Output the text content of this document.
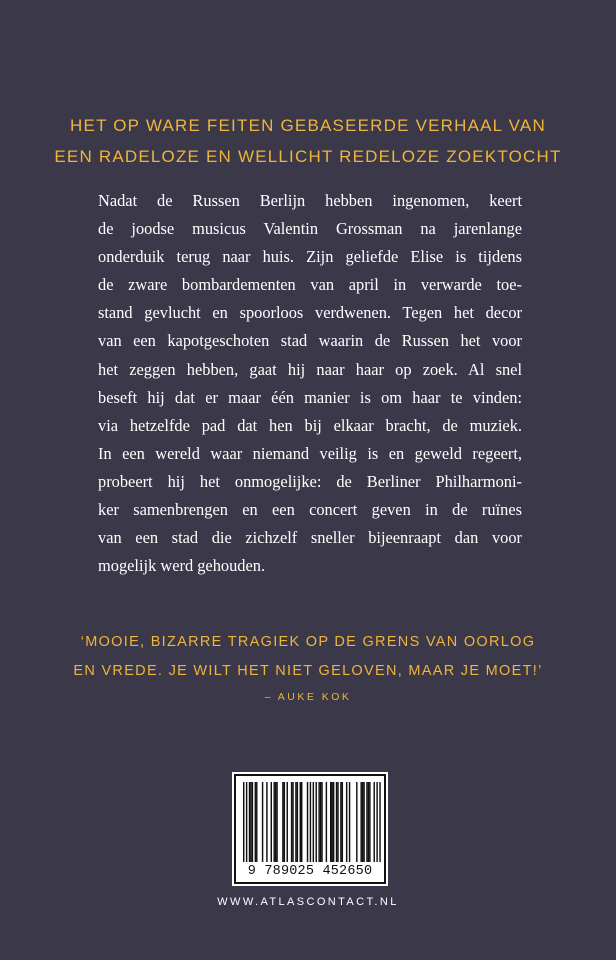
HET OP WARE FEITEN GEBASEERDE VERHAAL VAN
EEN RADELOZE EN WELLICHT REDELOZE ZOEKTOCHT
Nadat de Russen Berlijn hebben ingenomen, keert
de joodse musicus Valentin Grossman na jarenlange
onderduik terug naar huis. Zijn geliefde Elise is tijdens
de zware bombardementen van april in verwarde toe-
stand gevlucht en spoorloos verdwenen. Tegen het decor
van een kapotgeschoten stad waarin de Russen het voor
het zeggen hebben, gaat hij naar haar op zoek. Al snel
beseft hij dat er maar één manier is om haar te vinden:
via hetzelfde pad dat hen bij elkaar bracht, de muziek.
In een wereld waar niemand veilig is en geweld regeert,
probeert hij het onmogelijke: de Berliner Philharmoni-
ker samenbrengen en een concert geven in de ruïnes
van een stad die zichzelf sneller bijeenraapt dan voor
mogelijk werd gehouden.
‘MOOIE, BIZARRE TRAGIEK OP DE GRENS VAN OORLOG
EN VREDE. JE WILT HET NIET GELOVEN, MAAR JE MOET!’
– AUKE KOK
9 789025 452650
WWW.ATLASCONTACT.NL
